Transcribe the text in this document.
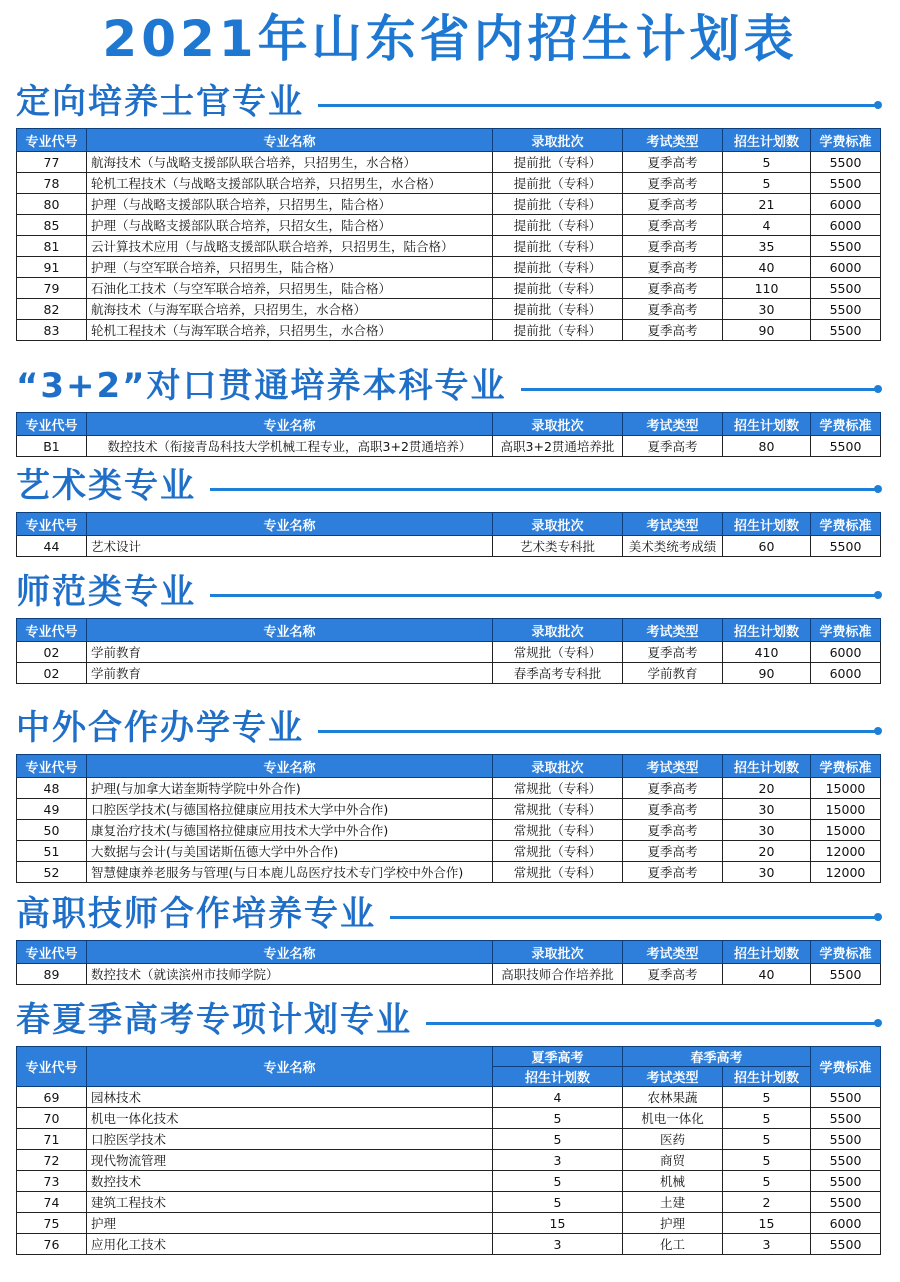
2021年山东省内招生计划表
定向培养士官专业
专业代号	专业名称	录取批次	考试类型	招生计划数	学费标准
77	航海技术（与战略支援部队联合培养，只招男生，水合格）	提前批（专科）	夏季高考	5	5500
78	轮机工程技术（与战略支援部队联合培养，只招男生，水合格）	提前批（专科）	夏季高考	5	5500
80	护理（与战略支援部队联合培养，只招男生，陆合格）	提前批（专科）	夏季高考	21	6000
85	护理（与战略支援部队联合培养，只招女生，陆合格）	提前批（专科）	夏季高考	4	6000
81	云计算技术应用（与战略支援部队联合培养，只招男生，陆合格）	提前批（专科）	夏季高考	35	5500
91	护理（与空军联合培养，只招男生，陆合格）	提前批（专科）	夏季高考	40	6000
79	石油化工技术（与空军联合培养，只招男生，陆合格）	提前批（专科）	夏季高考	110	5500
82	航海技术（与海军联合培养，只招男生，水合格）	提前批（专科）	夏季高考	30	5500
83	轮机工程技术（与海军联合培养，只招男生，水合格）	提前批（专科）	夏季高考	90	5500
“3+2”对口贯通培养本科专业
专业代号	专业名称	录取批次	考试类型	招生计划数	学费标准
B1	数控技术（衔接青岛科技大学机械工程专业，高职3+2贯通培养）	高职3+2贯通培养批	夏季高考	80	5500
艺术类专业
专业代号	专业名称	录取批次	考试类型	招生计划数	学费标准
44	艺术设计	艺术类专科批	美术类统考成绩	60	5500
师范类专业
专业代号	专业名称	录取批次	考试类型	招生计划数	学费标准
02	学前教育	常规批（专科）	夏季高考	410	6000
02	学前教育	春季高考专科批	学前教育	90	6000
中外合作办学专业
专业代号	专业名称	录取批次	考试类型	招生计划数	学费标准
48	护理(与加拿大诺奎斯特学院中外合作)	常规批（专科）	夏季高考	20	15000
49	口腔医学技术(与德国格拉健康应用技术大学中外合作)	常规批（专科）	夏季高考	30	15000
50	康复治疗技术(与德国格拉健康应用技术大学中外合作)	常规批（专科）	夏季高考	30	15000
51	大数据与会计(与美国诺斯伍德大学中外合作)	常规批（专科）	夏季高考	20	12000
52	智慧健康养老服务与管理(与日本鹿儿岛医疗技术专门学校中外合作)	常规批（专科）	夏季高考	30	12000
高职技师合作培养专业
专业代号	专业名称	录取批次	考试类型	招生计划数	学费标准
89	数控技术（就读滨州市技师学院）	高职技师合作培养批	夏季高考	40	5500
春夏季高考专项计划专业
专业代号	专业名称	夏季高考	春季高考		学费标准
		招生计划数	考试类型	招生计划数	
69	园林技术	4	农林果蔬	5	5500
70	机电一体化技术	5	机电一体化	5	5500
71	口腔医学技术	5	医药	5	5500
72	现代物流管理	3	商贸	5	5500
73	数控技术	5	机械	5	5500
74	建筑工程技术	5	土建	2	5500
75	护理	15	护理	15	6000
76	应用化工技术	3	化工	3	5500
